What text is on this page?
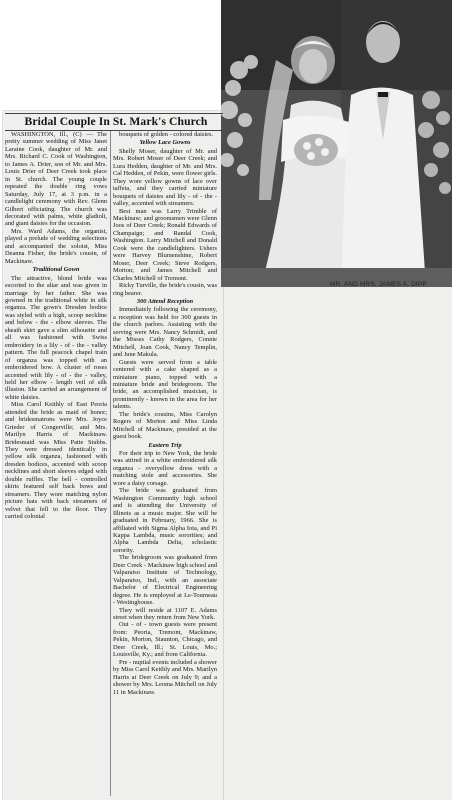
Bridal Couple In St. Mark's Church

WASHINGTON, Ill., (C) — The pretty summer wedding of Miss Janet Laraine Cook, daughter of Mr. and Mrs. Richard C. Cook of Washington, to James A. Drier, son of Mr. and Mrs. Louis Drier of Deer Creek took place in St. church. The young couple repeated the double ring vows Saturday, July 17, at 3 p.m. in a candlelight ceremony with Rev. Glenn Gilbert officiating. The church was decorated with palms, white gladioli, and giant daisies for the occasion.

Mrs. Ward Adams, the organist, played a prelude of wedding selections and accompanied the soloist, Miss Deanna Fisher, the bride's cousin, of Mackinaw.

Traditional Gown

The attractive, blond bride was escorted to the altar and was given in marriage by her father. She was gowned in the traditional white in silk organza. The gown's Dresden bodice was styled with a high, scoop neckline and below - the - elbow sleeves. The sheath skirt gave a slim silhouette and all was fashioned with Swiss embroidery in a lily - of - the - valley pattern. The full peacock chapel train of organza was topped with an embroidered bow. A cluster of roses accented with lily - of - the - valley, held her elbow - length veil of silk illusion. She carried an arrangement of white daisies.

Miss Carol Keithly of East Peoria attended the bride as maid of honor; and bridesmatrons were Mrs. Joyce Grieder of Congerville; and Mrs. Marilyn Harris of Mackinaw. Bridesmaid was Miss Patte Stubbs. They were dressed identically in yellow silk organza, fashioned with dresden bodices, accented with scoop necklines and short sleeves edged with double ruffles. The bell - controlled skirts featured self back bows and streamers. They wore matching nylon picture hats with back streamers of velvet that fell to the floor. They carried colonial

bouquets of golden - colored daisies.

Yellow Lace Gowns

Shelly Moser, daughter of Mr. and Mrs. Robert Moser of Deer Creek; and Lura Hedden, daughter of Mr. and Mrs. Cal Hedden, of Pekin, were flower girls. They wore yellow gowns of lace over taffeta, and they carried miniature bouquets of daisies and lily - of - the - valley, accented with streamers.

Best man was Larry Trimble of Mackinaw; and groomsmen were Glenn Joos of Deer Creek; Ronald Edwards of Champaign; and Randal Cook, Washington. Larry Mitchell and Donald Cook were the candlelighters. Ushers were Harvey Blumenshine, Robert Moser, Deer Creek; Steve Rodgers, Morton; and James Mitchell and Charles Mitchell of Tremont.

Ricky Turville, the bride's cousin, was ring bearer.

300 Attend Reception

Immediately following the ceremony, a reception was held for 300 guests in the church parlors. Assisting with the serving were Mrs. Nancy Schmidt, and the Misses Cathy Rodgers, Connie Mitchell, Joan Cook, Nancy Templin, and June Makula.

Guests were served from a table centered with a cake shaped as a miniature piano, topped with a miniature bride and bridegroom. The bride, an accomplished musician, is prominently - known in the area for her talents.

The bride's cousins, Miss Carolyn Rogers of Morton and Miss Linda Mitchell of Mackinaw, presided at the guest book.

Eastern Trip

For their trip to New York, the bride was attired in a white embroidered silk organza - overyellow dress with a matching stole and accessories. She wore a daisy corsage.

The bride was graduated from Washington Community high school and is attending the University of Illinois as a music major. She will be graduated in February, 1966. She is affiliated with Sigma Alpha Iota, and Pi Kappa Lambda, music sororities; and Alpha Lambda Delta, scholastic sorority.

The bridegroom was graduated from Deer Creek - Mackinaw high school and Valparaiso Institute of Technology, Valparaiso, Ind., with an associate Bachelor of Electrical Engineering degree. He is employed at Le-Tourneau - Westinghouse.

They will reside at 1107 E. Adams street when they return from New York.

Out - of - town guests were present from: Peoria, Tremont, Mackinaw, Pekin, Morton, Staunton, Chicago, and Deer Creek, Ill.; St. Louis, Mo.; Louisville, Ky.; and from California.

Pre - nuptial events included a shower by Miss Carol Keithly and Mrs. Marilyn Harris at Deer Creek on July 9; and a shower by Mrs. Leoma Mitchell on July 11 in Mackinaw.

MR. AND MRS. JAMES A. DIPP
